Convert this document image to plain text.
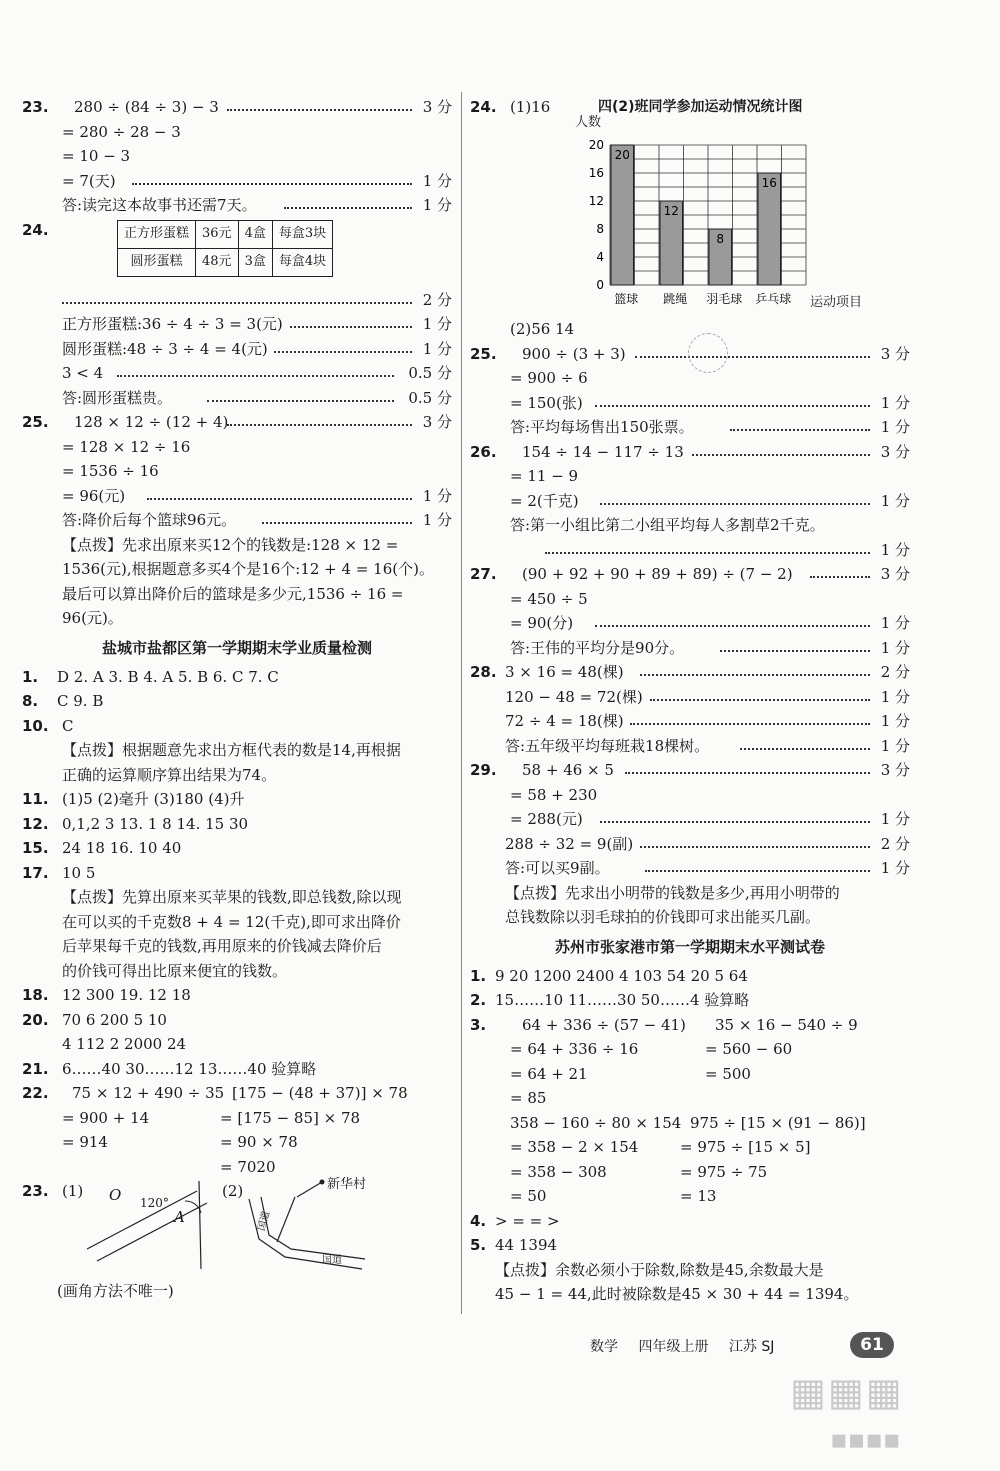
23. 280 ÷ (84 ÷ 3) − 3	3 分
= 280 ÷ 28 − 3
= 10 − 3
= 7(天)	1 分
答:读完这本故事书还需7天。	1 分
24.	正方形蛋糕	36元	4盒	每盒3块
圆形蛋糕	48元	3盒	每盒4块
2 分
正方形蛋糕:36 ÷ 4 ÷ 3 = 3(元)	1 分
圆形蛋糕:48 ÷ 3 ÷ 4 = 4(元)	1 分
3 < 4	0.5 分
答:圆形蛋糕贵。	0.5 分
25. 128 × 12 ÷ (12 + 4)	3 分
= 128 × 12 ÷ 16
= 1536 ÷ 16
= 96(元)	1 分
答:降价后每个篮球96元。	1 分
【点拨】先求出原来买12个的钱数是:128 × 12 =
1536(元),根据题意多买4个是16个:12 + 4 = 16(个)。
最后可以算出降价后的篮球是多少元,1536 ÷ 16 =
96(元)。
盐城市盐都区第一学期期末学业质量检测
1. D 2. A 3. B 4. A 5. B 6. C 7. C
8. C 9. B
10. C
【点拨】根据题意先求出方框代表的数是14,再根据
正确的运算顺序算出结果为74。
11. (1)5 (2)毫升 (3)180 (4)升
12. 0,1,2 3 13. 1 8 14. 15 30
15. 24 18 16. 10 40
17. 10 5
【点拨】先算出原来买苹果的钱数,即总钱数,除以现
在可以买的千克数8 + 4 = 12(千克),即可求出降价
后苹果每千克的钱数,再用原来的价钱减去降价后
的价钱可得出比原来便宜的钱数。
18. 12 300 19. 12 18
20. 70 6 200 5 10
4 112 2 2000 24
21. 6……40 30……12 13……40 验算略
22. 75 × 12 + 490 ÷ 35 [175 − (48 + 37)] × 78
= 900 + 14	= [175 − 85] × 78
= 914	= 90 × 78
= 7020
23. (1)	(2)
O
A
120°
新华村
国道
国道
(画角方法不唯一)
24. (1)16	四(2)班同学参加运动情况统计图
人数
运动项目
0
4
8
12
16
20
20
篮球
12
跳绳
8
羽毛球
16
乒乓球
(2)56 14
25. 900 ÷ (3 + 3)	3 分
= 900 ÷ 6
= 150(张)	1 分
答:平均每场售出150张票。	1 分
26. 154 ÷ 14 − 117 ÷ 13	3 分
= 11 − 9
= 2(千克)	1 分
答:第一小组比第二小组平均每人多割草2千克。
1 分
27. (90 + 92 + 90 + 89 + 89) ÷ (7 − 2)	3 分
= 450 ÷ 5
= 90(分)	1 分
答:王伟的平均分是90分。	1 分
28. 3 × 16 = 48(棵)	2 分
120 − 48 = 72(棵)	1 分
72 ÷ 4 = 18(棵)	1 分
答:五年级平均每班栽18棵树。	1 分
29. 58 + 46 × 5	3 分
= 58 + 230
= 288(元)	1 分
288 ÷ 32 = 9(副)	2 分
答:可以买9副。	1 分
【点拨】先求出小明带的钱数是多少,再用小明带的
总钱数除以羽毛球拍的价钱即可求出能买几副。
苏州市张家港市第一学期期末水平测试卷
1. 9 20 1200 2400 4 103 54 20 5 64
2. 15……10 11……30 50……4 验算略
3. 64 + 336 ÷ (57 − 41) 35 × 16 − 540 ÷ 9
= 64 + 336 ÷ 16	= 560 − 60
= 64 + 21	= 500
= 85
358 − 160 ÷ 80 × 154 975 ÷ [15 × (91 − 86)]
= 358 − 2 × 154	= 975 ÷ [15 × 5]
= 358 − 308	= 975 ÷ 75
= 50	= 13
4. > = = >
5. 44 1394
【点拨】余数必须小于除数,除数是45,余数最大是
45 − 1 = 44,此时被除数是45 × 30 + 44 = 1394。
数学 四年级上册 江苏 SJ	61
▦▦▦
▪▪▪▪
